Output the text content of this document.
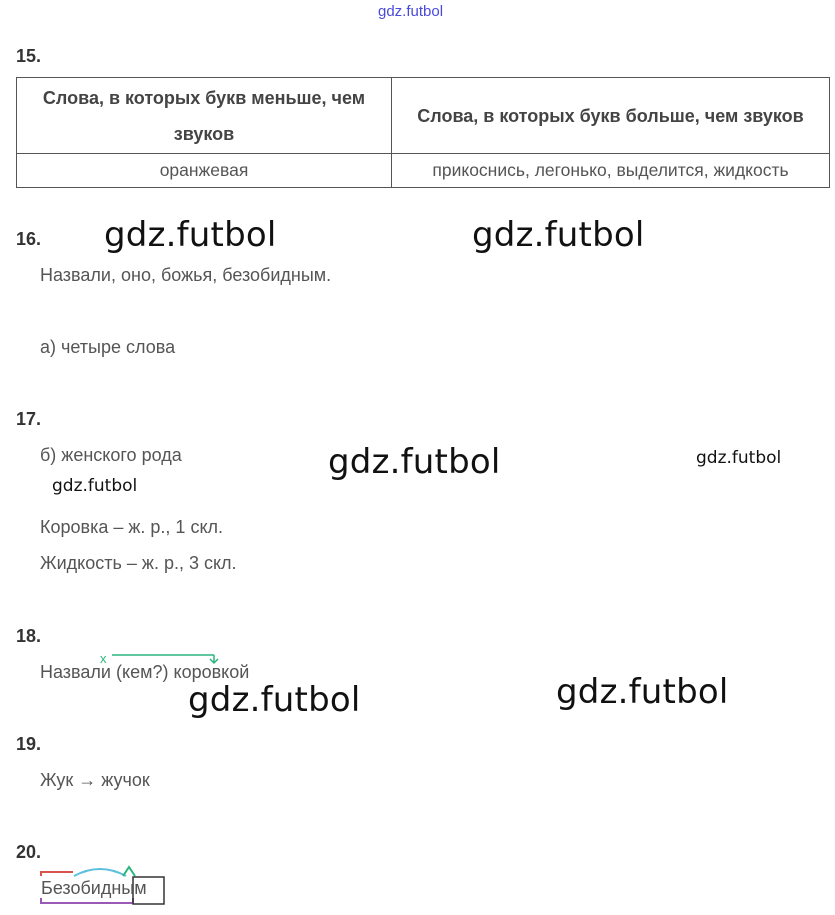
gdz.futbol
15.
Слова, в которых букв меньше, чем звуков	Слова, в которых букв больше, чем звуков
оранжевая	прикоснись, легонько, выделится, жидкость
16. gdz.futbol	gdz.futbol
Назвали, оно, божья, безобидным.
а) четыре слова
17.
б) женского рода	gdz.futbol	gdz.futbol
gdz.futbol
Коровка – ж. р., 1 скл.
Жидкость – ж. р., 3 скл.
18.
x
Назвали (кем?) коровкой
gdz.futbol	gdz.futbol
19.
Жук → жучок
20.
Безобидным
